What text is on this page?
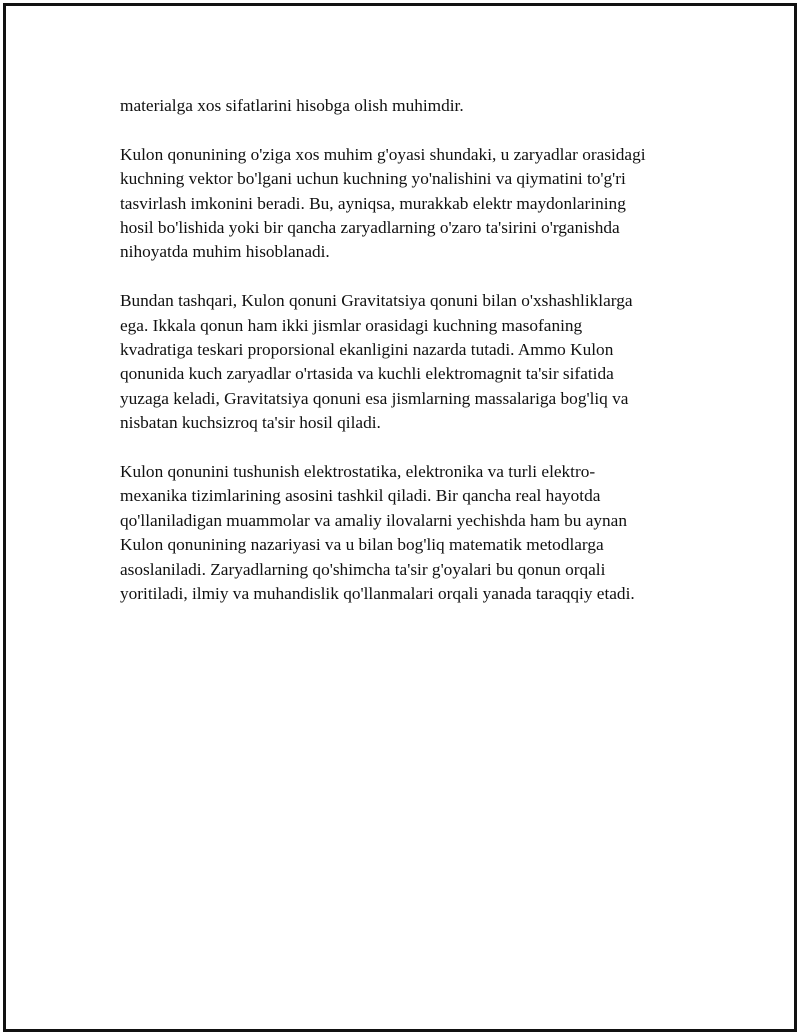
materialga xos sifatlarini hisobga olish muhimdir.

Kulon qonunining o'ziga xos muhim g'oyasi shundaki, u zaryadlar orasidagi
kuchning vektor bo'lgani uchun kuchning yo'nalishini va qiymatini to'g'ri
tasvirlash imkonini beradi. Bu, ayniqsa, murakkab elektr maydonlarining
hosil bo'lishida yoki bir qancha zaryadlarning o'zaro ta'sirini o'rganishda
nihoyatda muhim hisoblanadi.

Bundan tashqari, Kulon qonuni Gravitatsiya qonuni bilan o'xshashliklarga
ega. Ikkala qonun ham ikki jismlar orasidagi kuchning masofaning
kvadratiga teskari proporsional ekanligini nazarda tutadi. Ammo Kulon
qonunida kuch zaryadlar o'rtasida va kuchli elektromagnit ta'sir sifatida
yuzaga keladi, Gravitatsiya qonuni esa jismlarning massalariga bog'liq va
nisbatan kuchsizroq ta'sir hosil qiladi.

Kulon qonunini tushunish elektrostatika, elektronika va turli elektro-
mexanika tizimlarining asosini tashkil qiladi. Bir qancha real hayotda
qo'llaniladigan muammolar va amaliy ilovalarni yechishda ham bu aynan
Kulon qonunining nazariyasi va u bilan bog'liq matematik metodlarga
asoslaniladi. Zaryadlarning qo'shimcha ta'sir g'oyalari bu qonun orqali
yoritiladi, ilmiy va muhandislik qo'llanmalari orqali yanada taraqqiy etadi.
